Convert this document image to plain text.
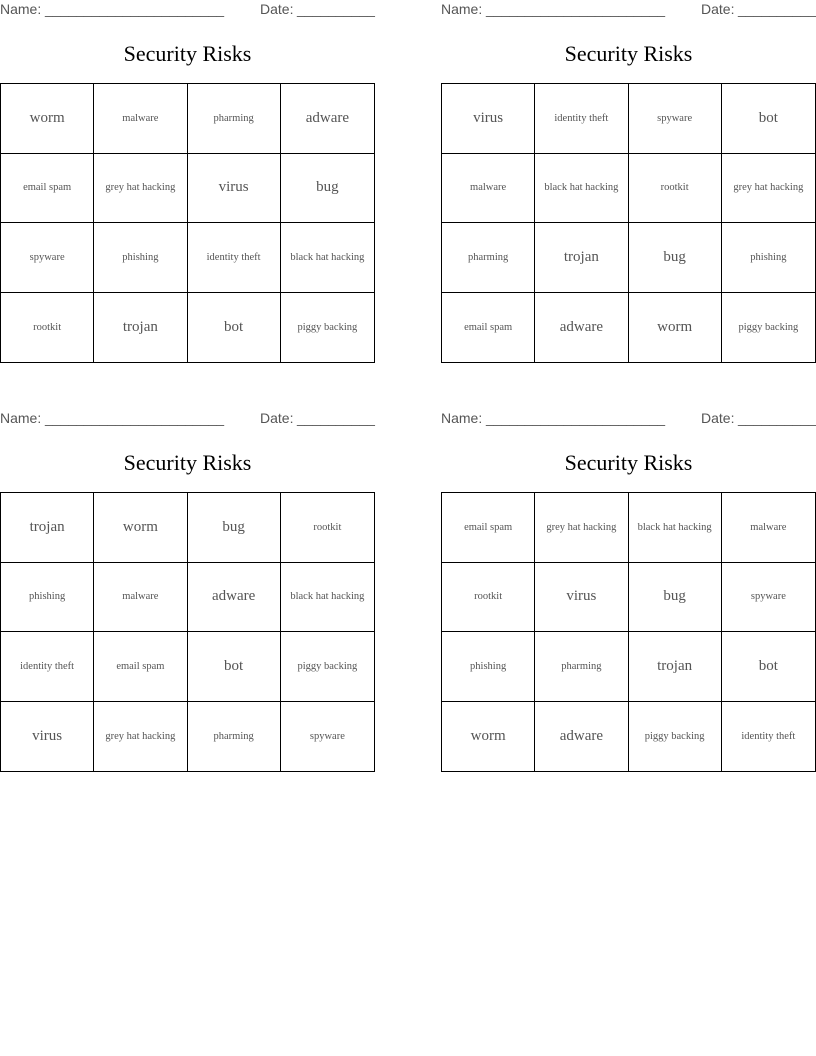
Name: _______________________	Date: __________
Security Risks
worm	malware	pharming	adware
email spam	grey hat hacking	virus	bug
spyware	phishing	identity theft	black hat hacking
rootkit	trojan	bot	piggy backing
Name: _______________________	Date: __________
Security Risks
virus	identity theft	spyware	bot
malware	black hat hacking	rootkit	grey hat hacking
pharming	trojan	bug	phishing
email spam	adware	worm	piggy backing
Name: _______________________	Date: __________
Security Risks
trojan	worm	bug	rootkit
phishing	malware	adware	black hat hacking
identity theft	email spam	bot	piggy backing
virus	grey hat hacking	pharming	spyware
Name: _______________________	Date: __________
Security Risks
email spam	grey hat hacking	black hat hacking	malware
rootkit	virus	bug	spyware
phishing	pharming	trojan	bot
worm	adware	piggy backing	identity theft
